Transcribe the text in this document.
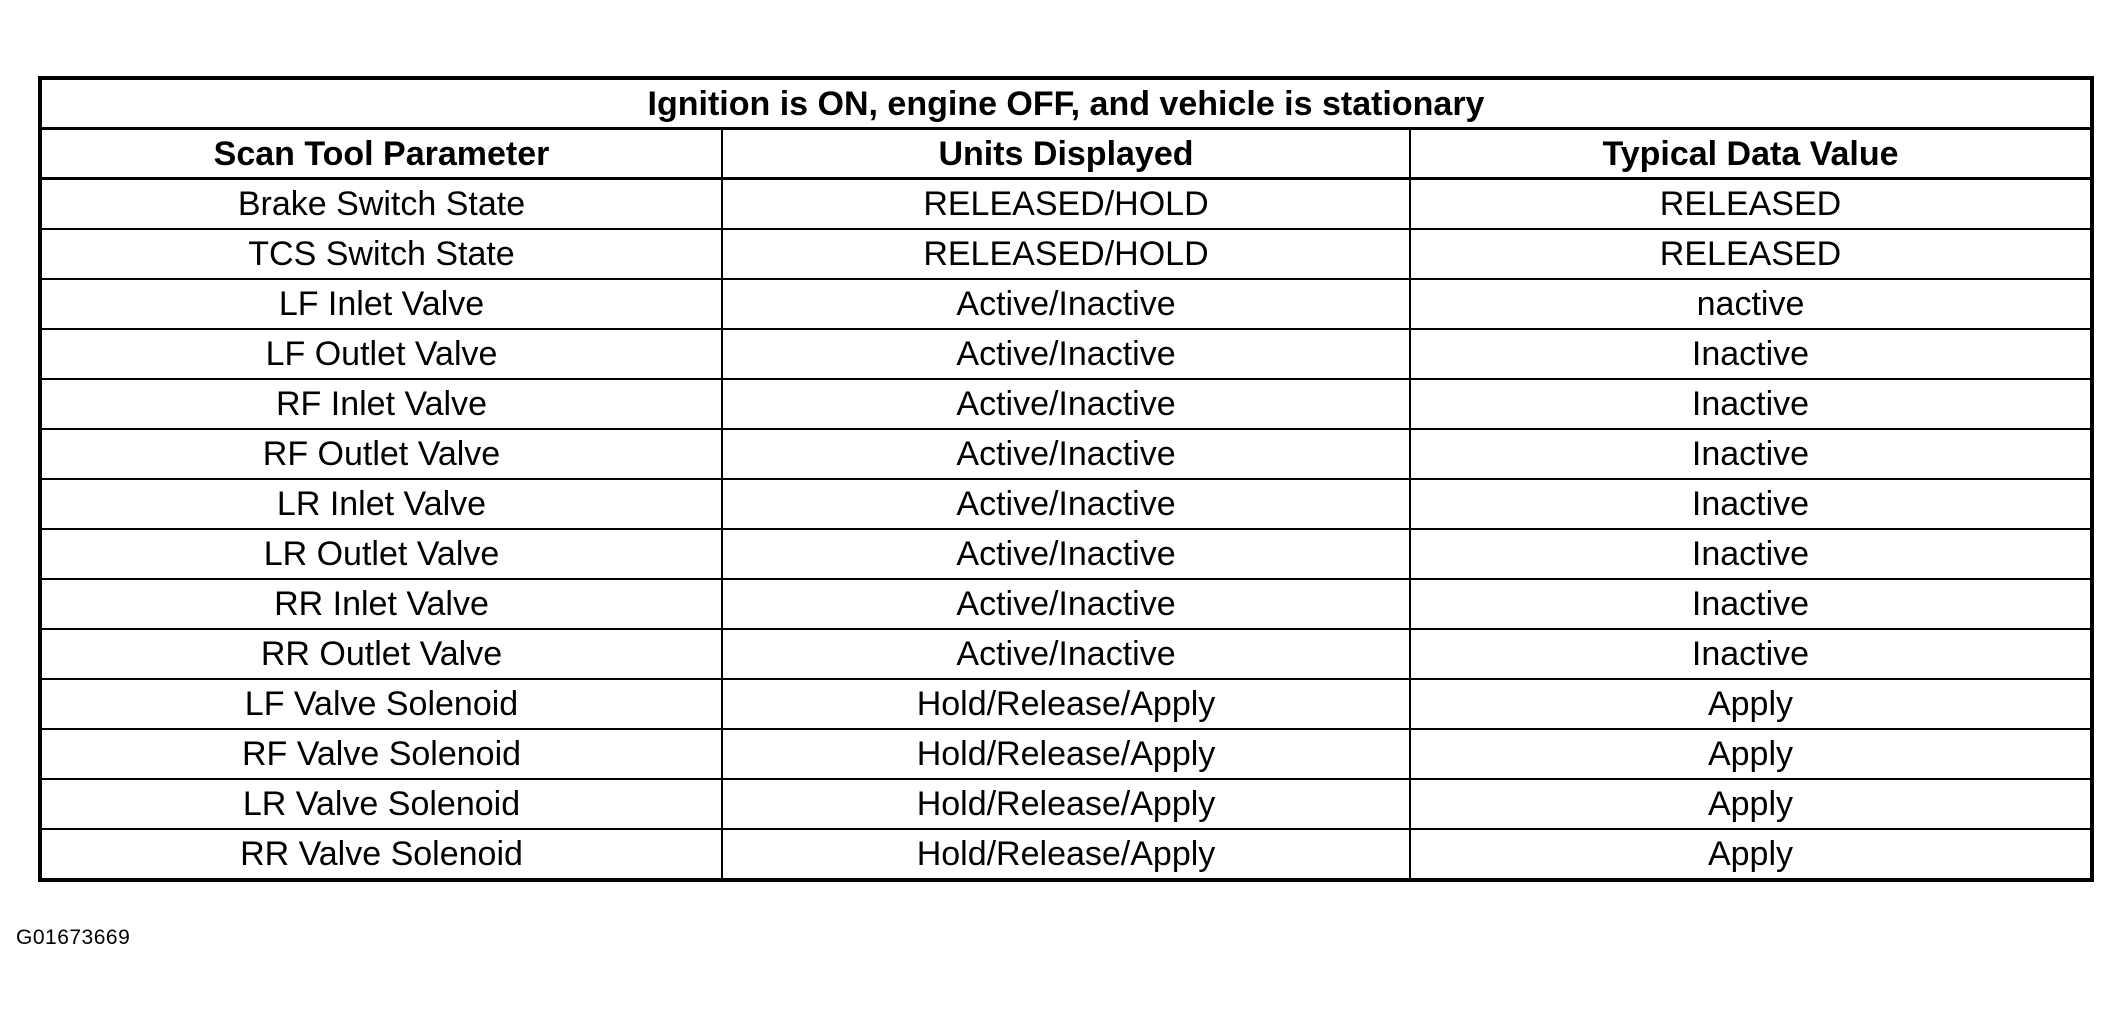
Ignition is ON, engine OFF, and vehicle is stationary		
Scan Tool Parameter	Units Displayed	Typical Data Value
Brake Switch State	RELEASED/HOLD	RELEASED
TCS Switch State	RELEASED/HOLD	RELEASED
LF Inlet Valve	Active/Inactive	nactive
LF Outlet Valve	Active/Inactive	Inactive
RF Inlet Valve	Active/Inactive	Inactive
RF Outlet Valve	Active/Inactive	Inactive
LR Inlet Valve	Active/Inactive	Inactive
LR Outlet Valve	Active/Inactive	Inactive
RR Inlet Valve	Active/Inactive	Inactive
RR Outlet Valve	Active/Inactive	Inactive
LF Valve Solenoid	Hold/Release/Apply	Apply
RF Valve Solenoid	Hold/Release/Apply	Apply
LR Valve Solenoid	Hold/Release/Apply	Apply
RR Valve Solenoid	Hold/Release/Apply	Apply
G01673669
